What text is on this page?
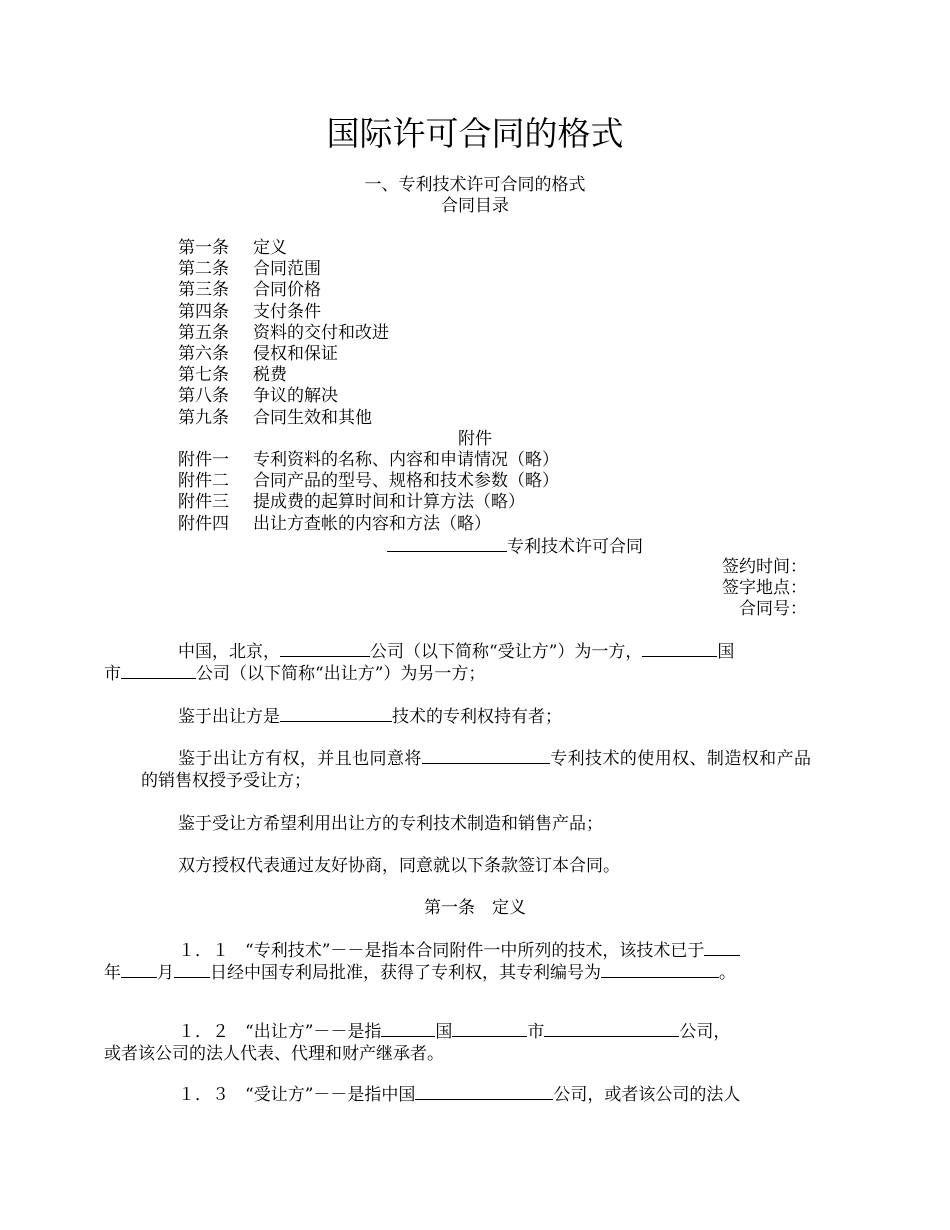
国际许可合同的格式
一、专利技术许可合同的格式
合同目录
第一条 定义
第二条 合同范围
第三条 合同价格
第四条 支付条件
第五条 资料的交付和改进
第六条 侵权和保证
第七条 税费
第八条 争议的解决
第九条 合同生效和其他
附件
附件一 专利资料的名称、内容和申请情况（略）
附件二 合同产品的型号、规格和技术参数（略）
附件三 提成费的起算时间和计算方法（略）
附件四 出让方查帐的内容和方法（略）
专利技术许可合同
签约时间：
签字地点：
合同号：
中国，北京，	公司（以下简称“受让方”）为一方，	国
市	公司（以下简称“出让方”）为另一方；
鉴于出让方是	技术的专利权持有者；
鉴于出让方有权，并且也同意将	专利技术的使用权、制造权和产品的销售权授予受让方；
鉴于受让方希望利用出让方的专利技术制造和销售产品；
双方授权代表通过友好协商，同意就以下条款签订本合同。
第一条　定义
１．１ “专利技术”－－是指本合同附件一中所列的技术，该技术已于
年 月 日经中国专利局批准，获得了专利权，其专利编号为	。
１．２ “出让方”－－是指	国	市	公司，
或者该公司的法人代表、代理和财产继承者。
１．３ “受让方”－－是指中国	公司，或者该公司的法人
